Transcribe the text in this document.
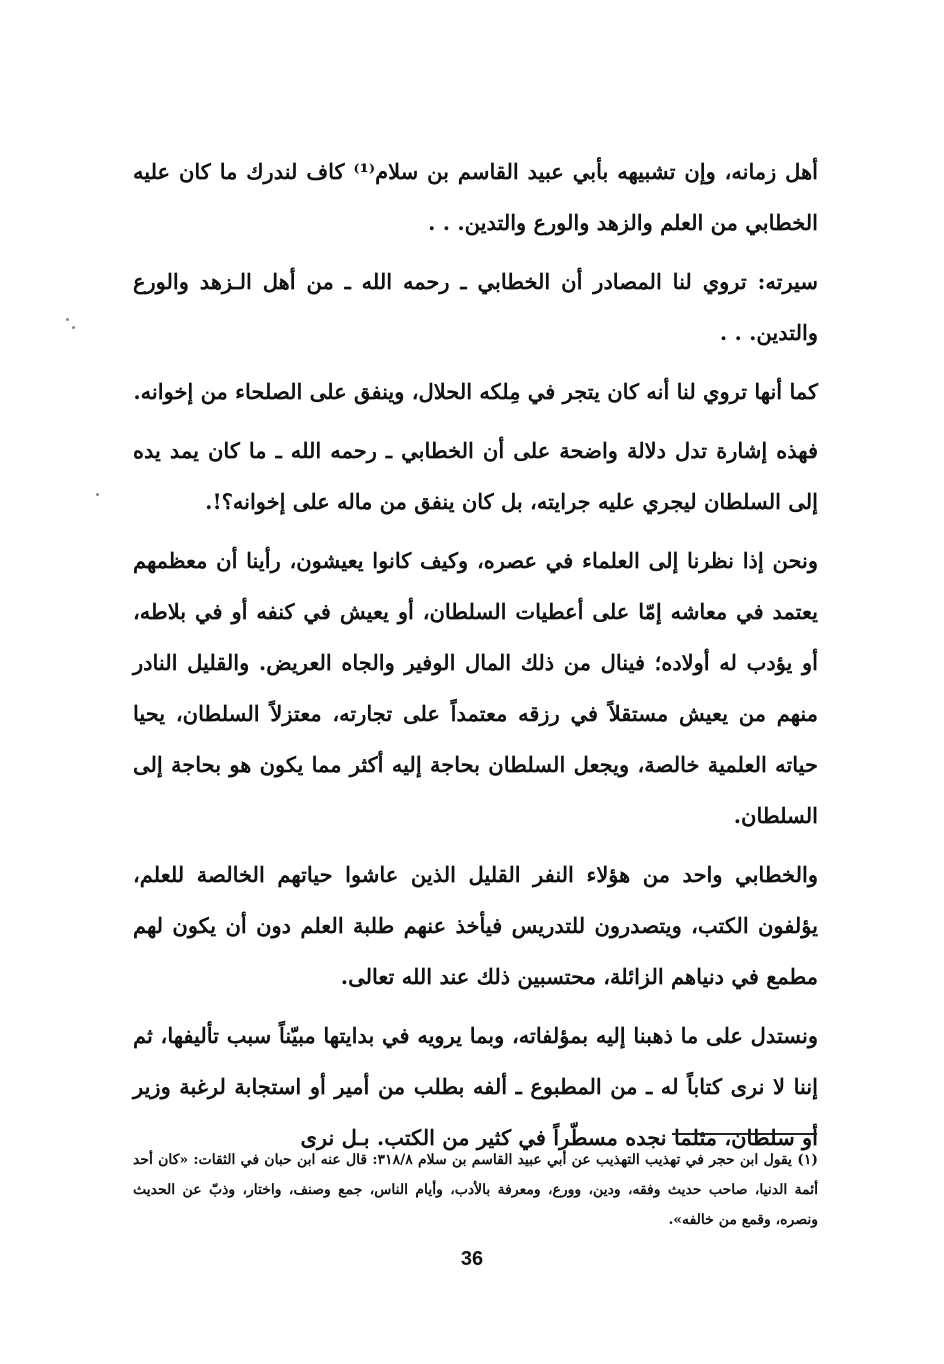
أهل زمانه، وإن تشبيهه بأبي عبيد القاسم بن سلام⁽¹⁾ كاف لندرك ما كان عليه الخطابي من العلم والزهد والورع والتدين. . .

سيرته: تروي لنا المصادر أن الخطابي ـ رحمه الله ـ من أهل الـزهد والورع والتدين. . .

كما أنها تروي لنا أنه كان يتجر في مِلكه الحلال، وينفق على الصلحاء من إخوانه.

فهذه إشارة تدل دلالة واضحة على أن الخطابي ـ رحمه الله ـ ما كان يمد يده إلى السلطان ليجري عليه جرايته، بل كان ينفق من ماله على إخوانه؟!.

ونحن إذا نظرنا إلى العلماء في عصره، وكيف كانوا يعيشون، رأينا أن معظمهم يعتمد في معاشه إمّا على أعطيات السلطان، أو يعيش في كنفه أو في بلاطه، أو يؤدب له أولاده؛ فينال من ذلك المال الوفير والجاه العريض. والقليل النادر منهم من يعيش مستقلاً في رزقه معتمداً على تجارته، معتزلاً السلطان، يحيا حياته العلمية خالصة، ويجعل السلطان بحاجة إليه أكثر مما يكون هو بحاجة إلى السلطان.

والخطابي واحد من هؤلاء النفر القليل الذين عاشوا حياتهم الخالصة للعلم، يؤلفون الكتب، ويتصدرون للتدريس فيأخذ عنهم طلبة العلم دون أن يكون لهم مطمع في دنياهم الزائلة، محتسبين ذلك عند الله تعالى.

ونستدل على ما ذهبنا إليه بمؤلفاته، وبما يرويه في بدايتها مبيّناً سبب تأليفها، ثم إننا لا نرى كتاباً له ـ من المطبوع ـ ألفه بطلب من أمير أو استجابة لرغبة وزير أو سلطان، مثلما نجده مسطّراً في كثير من الكتب. بـل نرى

(١) يقول ابن حجر في تهذيب التهذيب عن أبي عبيد القاسم بن سلام ٣١٨/٨: قال عنه ابن حبان في الثقات: «كان أحد أئمة الدنيا، صاحب حديث وفقه، ودين، وورع، ومعرفة بالأدب، وأيام الناس، جمع وصنف، واختار، وذبّ عن الحديث ونصره، وقمع من خالفه».

36
